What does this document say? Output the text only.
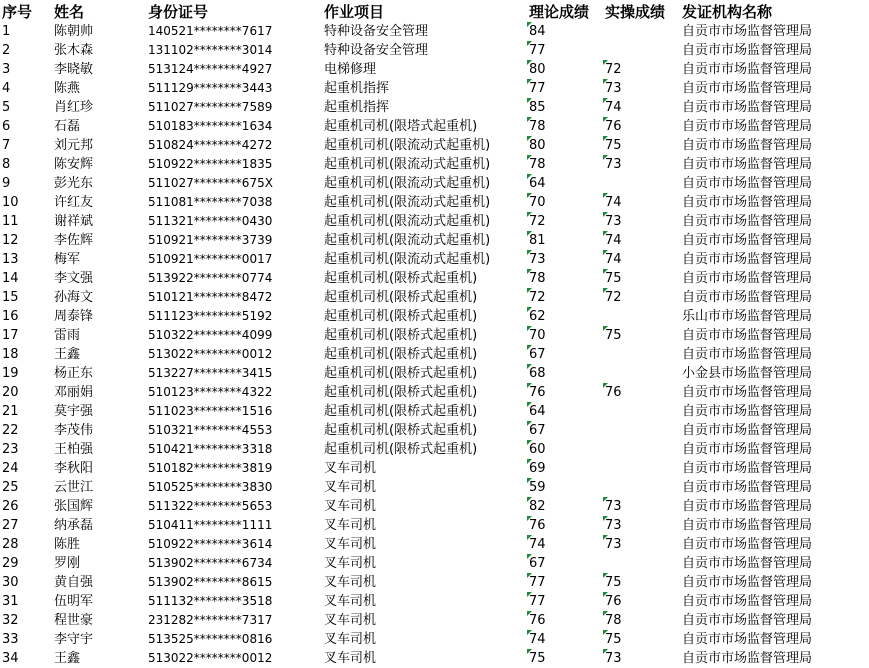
序号	姓名	身份证号	作业项目	理论成绩	实操成绩	发证机构名称
1	陈朝帅	140521********7617	特种设备安全管理	84		自贡市市场监督管理局
2	张木森	131102********3014	特种设备安全管理	77		自贡市市场监督管理局
3	李晓敏	513124********4927	电梯修理	80	72	自贡市市场监督管理局
4	陈燕	511129********3443	起重机指挥	77	73	自贡市市场监督管理局
5	肖红珍	511027********7589	起重机指挥	85	74	自贡市市场监督管理局
6	石磊	510183********1634	起重机司机(限塔式起重机)	78	76	自贡市市场监督管理局
7	刘元邦	510824********4272	起重机司机(限流动式起重机)	80	75	自贡市市场监督管理局
8	陈安辉	510922********1835	起重机司机(限流动式起重机)	78	73	自贡市市场监督管理局
9	彭光东	511027********675X	起重机司机(限流动式起重机)	64		自贡市市场监督管理局
10	许红友	511081********7038	起重机司机(限流动式起重机)	70	74	自贡市市场监督管理局
11	谢祥斌	511321********0430	起重机司机(限流动式起重机)	72	73	自贡市市场监督管理局
12	李佐辉	510921********3739	起重机司机(限流动式起重机)	81	74	自贡市市场监督管理局
13	梅军	510921********0017	起重机司机(限流动式起重机)	73	74	自贡市市场监督管理局
14	李文强	513922********0774	起重机司机(限桥式起重机)	78	75	自贡市市场监督管理局
15	孙海文	510121********8472	起重机司机(限桥式起重机)	72	72	自贡市市场监督管理局
16	周泰锋	511123********5192	起重机司机(限桥式起重机)	62		乐山市市场监督管理局
17	雷雨	510322********4099	起重机司机(限桥式起重机)	70	75	自贡市市场监督管理局
18	王鑫	513022********0012	起重机司机(限桥式起重机)	67		自贡市市场监督管理局
19	杨正东	513227********3415	起重机司机(限桥式起重机)	68		小金县市场监督管理局
20	邓丽娟	510123********4322	起重机司机(限桥式起重机)	76	76	自贡市市场监督管理局
21	莫宇强	511023********1516	起重机司机(限桥式起重机)	64		自贡市市场监督管理局
22	李茂伟	510321********4553	起重机司机(限桥式起重机)	67		自贡市市场监督管理局
23	王柏强	510421********3318	起重机司机(限桥式起重机)	60		自贡市市场监督管理局
24	李秋阳	510182********3819	叉车司机	69		自贡市市场监督管理局
25	云世江	510525********3830	叉车司机	59		自贡市市场监督管理局
26	张国辉	511322********5653	叉车司机	82	73	自贡市市场监督管理局
27	纳承磊	510411********1111	叉车司机	76	73	自贡市市场监督管理局
28	陈胜	510922********3614	叉车司机	74	73	自贡市市场监督管理局
29	罗刚	513902********6734	叉车司机	67		自贡市市场监督管理局
30	黄自强	513902********8615	叉车司机	77	75	自贡市市场监督管理局
31	伍明军	511132********3518	叉车司机	77	76	自贡市市场监督管理局
32	程世豪	231282********7317	叉车司机	76	78	自贡市市场监督管理局
33	李守宇	513525********0816	叉车司机	74	75	自贡市市场监督管理局
34	王鑫	513022********0012	叉车司机	75	73	自贡市市场监督管理局
